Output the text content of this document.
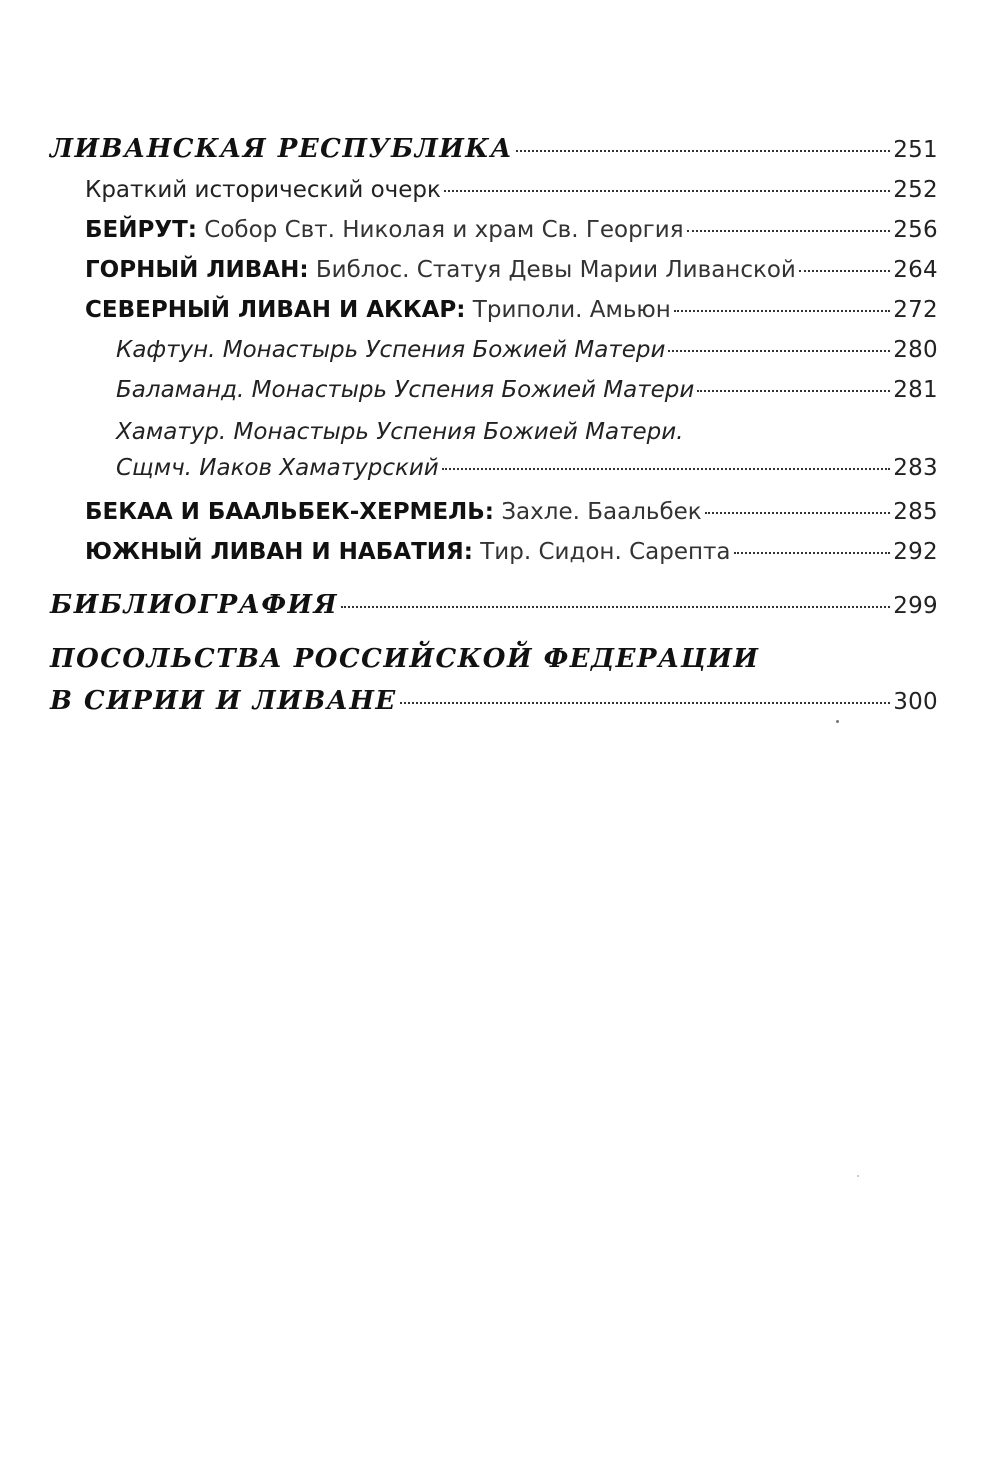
ЛИВАНСКАЯ РЕСПУБЛИКА	251
Краткий исторический очерк	252
БЕЙРУТ: Собор Свт. Николая и храм Св. Георгия	256
ГОРНЫЙ ЛИВАН: Библос. Статуя Девы Марии Ливанской	264
СЕВЕРНЫЙ ЛИВАН И АККАР: Триполи. Амьюн	272
Кафтун. Монастырь Успения Божией Матери	280
Баламанд. Монастырь Успения Божией Матери	281
Хаматур. Монастырь Успения Божией Матери.
Сщмч. Иаков Хаматурский	283
БЕКАА И БААЛЬБЕК-ХЕРМЕЛЬ: Захле. Баальбек	285
ЮЖНЫЙ ЛИВАН И НАБАТИЯ: Тир. Сидон. Сарепта	292
БИБЛИОГРАФИЯ	299
ПОСОЛЬСТВА РОССИЙСКОЙ ФЕДЕРАЦИИ
В СИРИИ И ЛИВАНЕ	300
